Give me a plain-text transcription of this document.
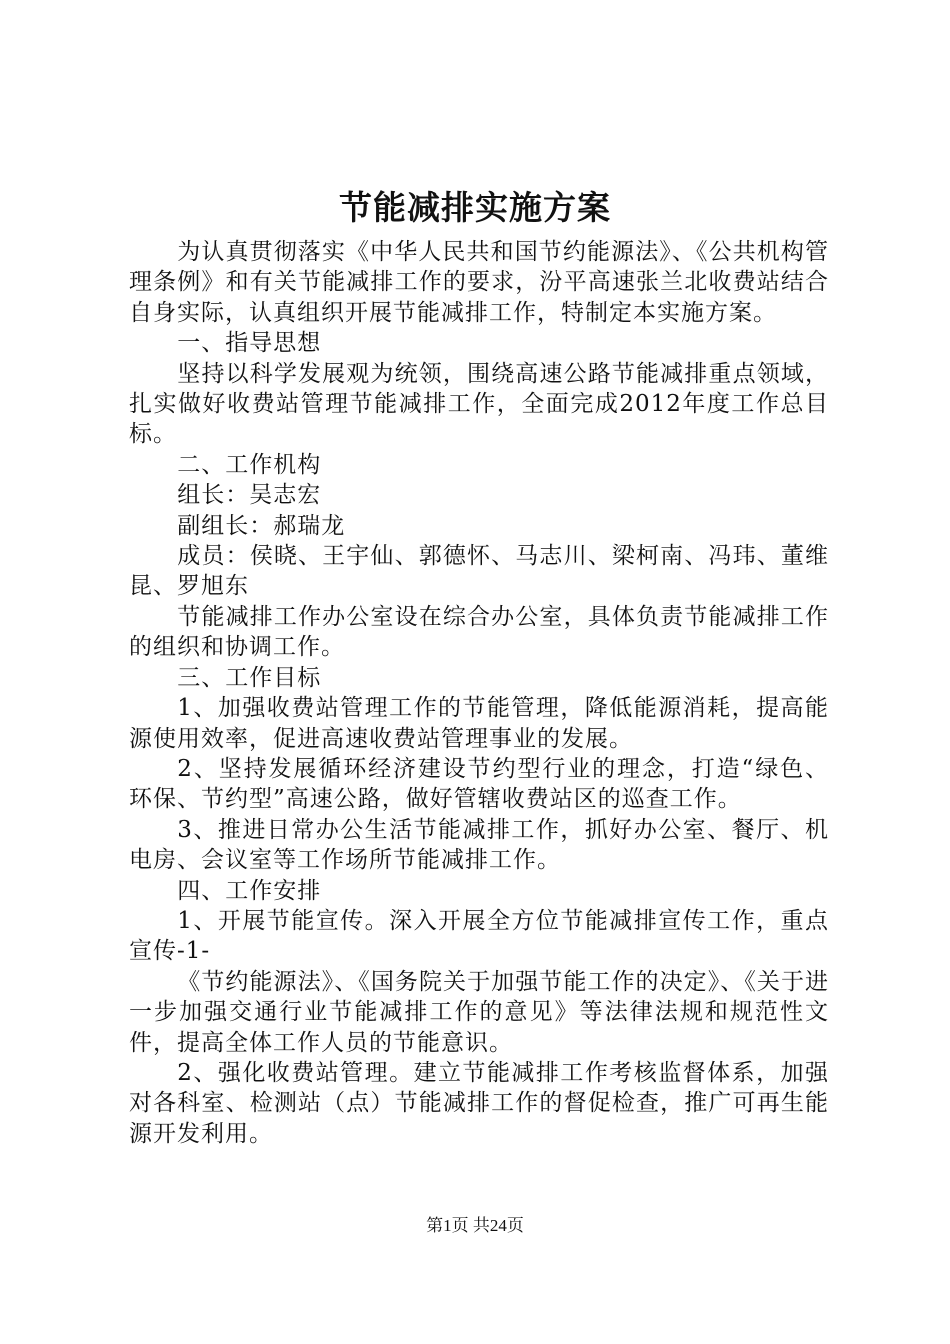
节能减排实施方案

为认真贯彻落实《中华人民共和国节约能源法》、《公共机构管理条例》和有关节能减排工作的要求，汾平高速张兰北收费站结合自身实际，认真组织开展节能减排工作，特制定本实施方案。

一、指导思想

坚持以科学发展观为统领，围绕高速公路节能减排重点领域，扎实做好收费站管理节能减排工作，全面完成2012年度工作总目标。

二、工作机构

组长：吴志宏

副组长：郝瑞龙

成员：侯晓、王宇仙、郭德怀、马志川、梁柯南、冯玮、董维昆、罗旭东

节能减排工作办公室设在综合办公室，具体负责节能减排工作的组织和协调工作。

三、工作目标

1、加强收费站管理工作的节能管理，降低能源消耗，提高能源使用效率，促进高速收费站管理事业的发展。

2、坚持发展循环经济建设节约型行业的理念，打造“绿色、环保、节约型”高速公路，做好管辖收费站区的巡查工作。

3、推进日常办公生活节能减排工作，抓好办公室、餐厅、机电房、会议室等工作场所节能减排工作。

四、工作安排

1、开展节能宣传。深入开展全方位节能减排宣传工作，重点宣传-1-

《节约能源法》、《国务院关于加强节能工作的决定》、《关于进一步加强交通行业节能减排工作的意见》等法律法规和规范性文件，提高全体工作人员的节能意识。

2、强化收费站管理。建立节能减排工作考核监督体系，加强对各科室、检测站（点）节能减排工作的督促检查，推广可再生能源开发利用。

第1页 共24页
